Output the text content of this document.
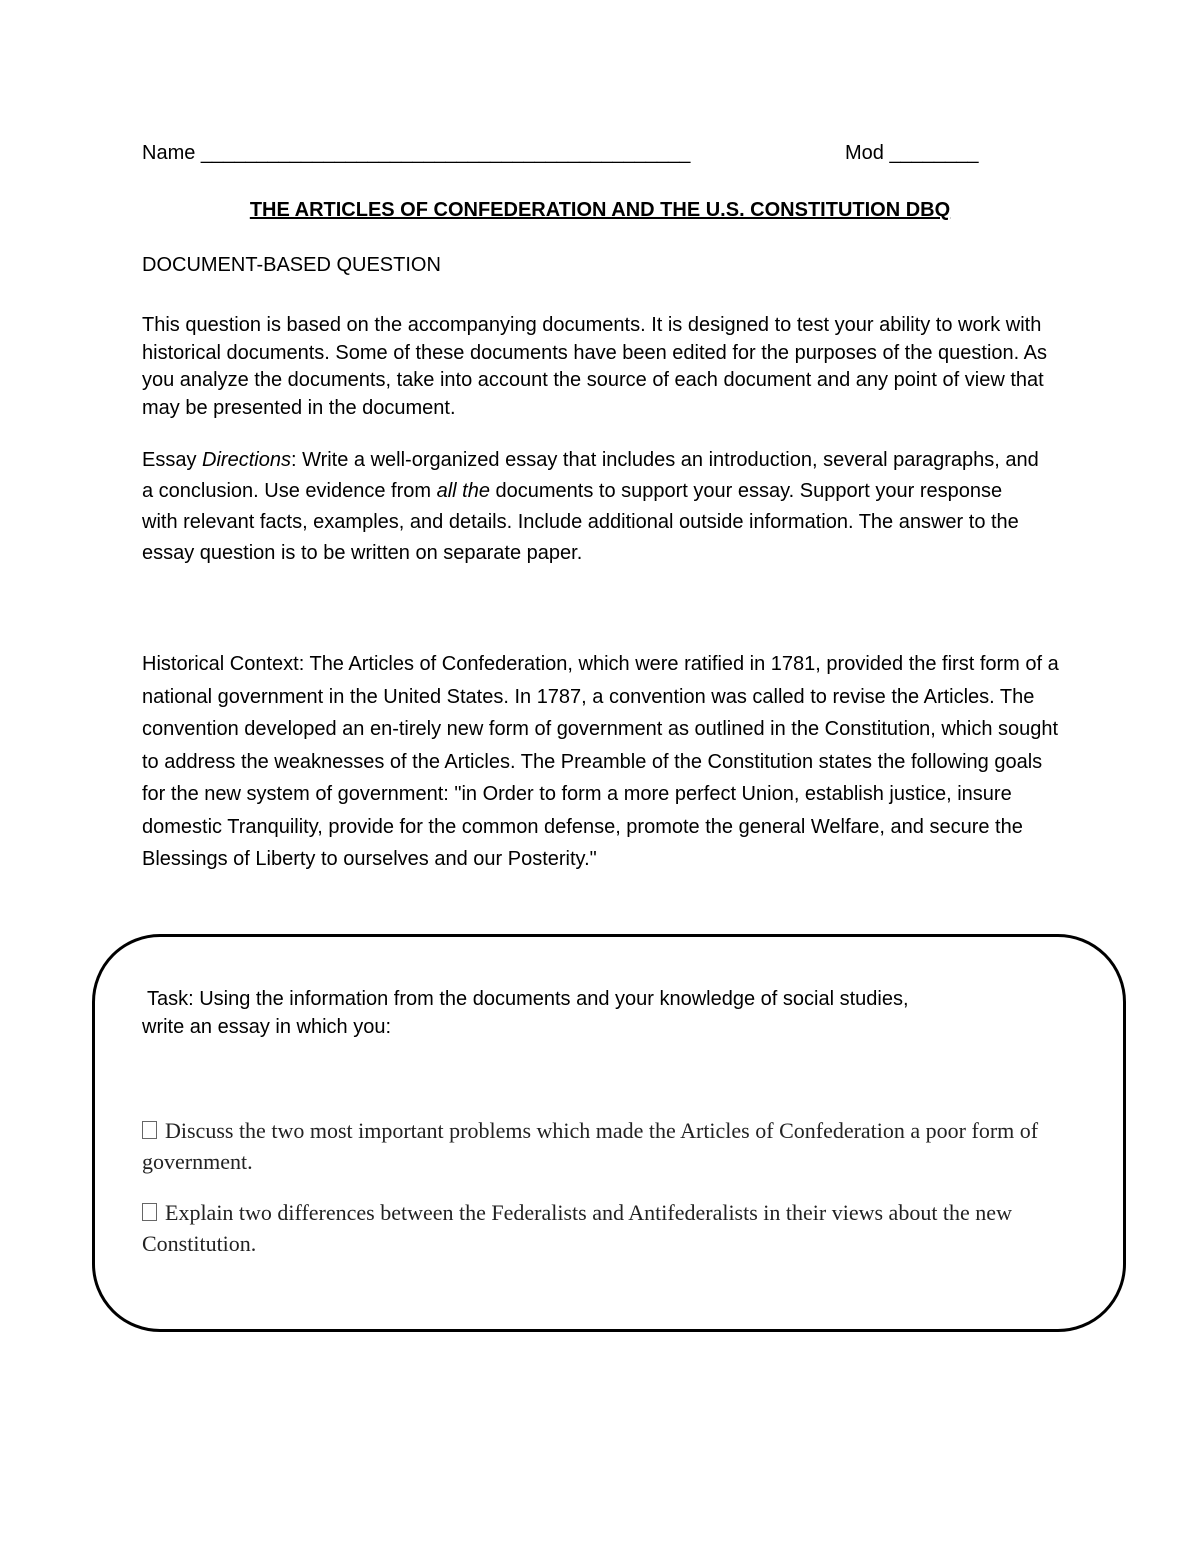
Name ____________________________________________	Mod ________
THE ARTICLES OF CONFEDERATION AND THE U.S. CONSTITUTION DBQ
DOCUMENT-BASED QUESTION
This question is based on the accompanying documents. It is designed to test your ability to work with historical documents. Some of these documents have been edited for the purposes of the question. As you analyze the documents, take into account the source of each document and any point of view that may be presented in the document.
Essay Directions: Write a well-organized essay that includes an introduction, several paragraphs, and a conclusion. Use evidence from all the documents to support your essay. Support your response with relevant facts, examples, and details. Include additional outside information. The answer to the essay question is to be written on separate paper.
Historical Context: The Articles of Confederation, which were ratified in 1781, provided the first form of a national government in the United States. In 1787, a convention was called to revise the Articles. The convention developed an en-tirely new form of government as outlined in the Constitution, which sought to address the weaknesses of the Articles. The Preamble of the Constitution states the following goals for the new system of government: "in Order to form a more perfect Union, establish justice, insure domestic Tranquility, provide for the common defense, promote the general Welfare, and secure the Blessings of Liberty to ourselves and our Posterity."
Task: Using the information from the documents and your knowledge of social studies,
write an essay in which you:
Discuss the two most important problems which made the Articles of Confederation a poor form of government.
Explain two differences between the Federalists and Antifederalists in their views about the new Constitution.
